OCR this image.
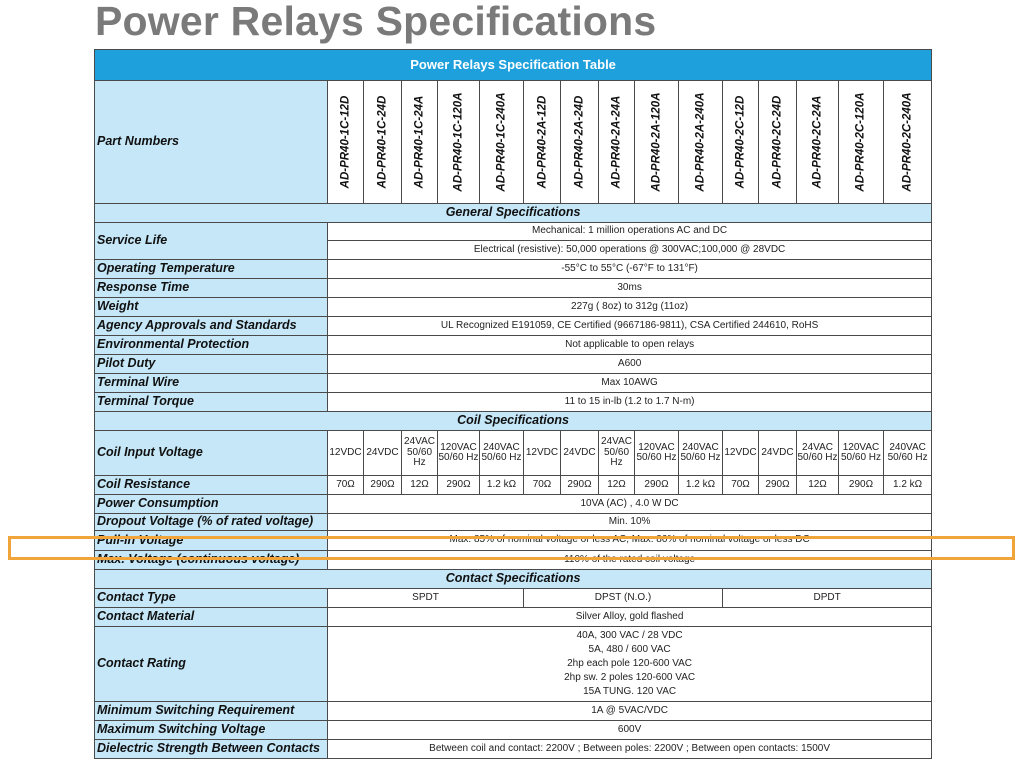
Power Relays Specifications
Power Relays Specification Table															
Part Numbers	AD-PR40-1C-12D	AD-PR40-1C-24D	AD-PR40-1C-24A	AD-PR40-1C-120A	AD-PR40-1C-240A	AD-PR40-2A-12D	AD-PR40-2A-24D	AD-PR40-2A-24A	AD-PR40-2A-120A	AD-PR40-2A-240A	AD-PR40-2C-12D	AD-PR40-2C-24D	AD-PR40-2C-24A	AD-PR40-2C-120A	AD-PR40-2C-240A

General Specifications															
Service Life	Mechanical: 1 million operations AC and DC														
	Electrical (resistive): 50,000 operations @ 300VAC;100,000 @ 28VDC														
Operating Temperature	-55°C to 55°C (-67°F to 131°F)														
Response Time	30ms														
Weight	227g ( 8oz) to 312g (11oz)														
Agency Approvals and Standards	UL Recognized E191059, CE Certified (9667186-9811), CSA Certified 244610, RoHS														
Environmental Protection	Not applicable to open relays														
Pilot Duty	A600														
Terminal Wire	Max 10AWG														
Terminal Torque	11 to 15 in-lb (1.2 to 1.7 N-m)														
Coil Specifications															
Coil Input Voltage	12VDC	24VDC	24VAC 50/60 Hz	120VAC 50/60 Hz	240VAC 50/60 Hz	12VDC	24VDC	24VAC 50/60 Hz	120VAC 50/60 Hz	240VAC 50/60 Hz	12VDC	24VDC	24VAC 50/60 Hz	120VAC 50/60 Hz	240VAC 50/60 Hz
Coil Resistance	70Ω	290Ω	12Ω	290Ω	1.2 kΩ	70Ω	290Ω	12Ω	290Ω	1.2 kΩ	70Ω	290Ω	12Ω	290Ω	1.2 kΩ
Power Consumption	10VA (AC) , 4.0 W DC														
Dropout Voltage (% of rated voltage)	Min. 10%														
Pull-in Voltage	Max. 85% of nominal voltage or less AC, Max. 80% of nominal voltage or less DC														
Max. Voltage (continuous voltage)	110% of the rated coil voltage														
Contact Specifications															
Contact Type	SPDT					DPST (N.O.)					DPDT				
Contact Material	Silver Alloy, gold flashed														
Contact Rating	40A, 300 VAC / 28 VDC
5A, 480 / 600 VAC
2hp each pole 120-600 VAC
2hp sw. 2 poles 120-600 VAC
15A TUNG. 120 VAC														

Minimum Switching Requirement	1A @ 5VAC/VDC														
Maximum Switching Voltage	600V														
Dielectric Strength Between Contacts	Between coil and contact: 2200V ; Between poles: 2200V ; Between open contacts: 1500V														
